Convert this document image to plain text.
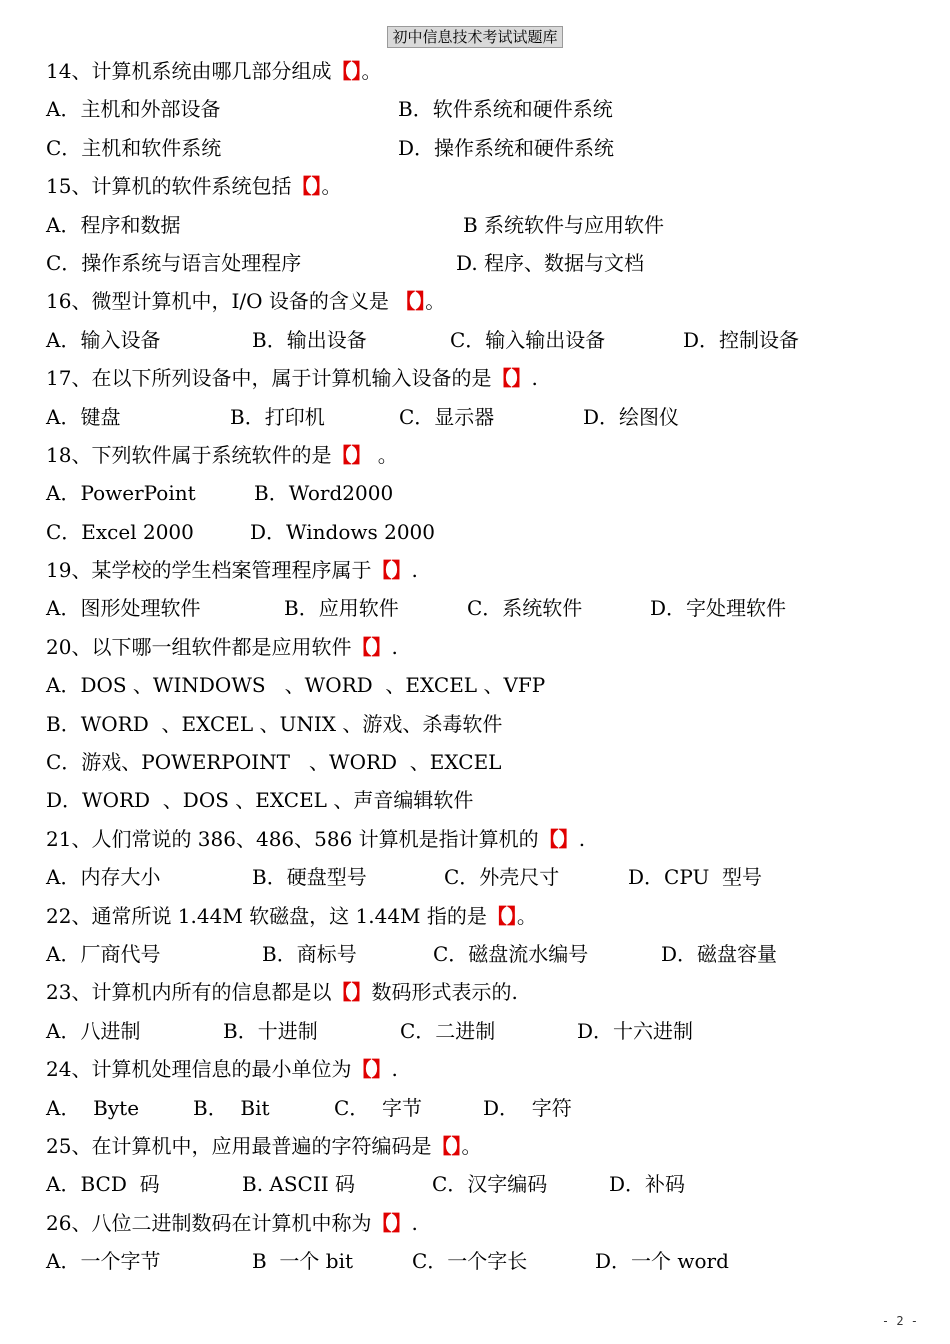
初中信息技术考试试题库
14、计算机系统由哪几部分组成【】。
A．主机和外部设备	B．软件系统和硬件系统
C．主机和软件系统	D．操作系统和硬件系统
15、计算机的软件系统包括【】。
A．程序和数据	B 系统软件与应用软件
C．操作系统与语言处理程序	D. 程序、数据与文档
16、微型计算机中，I/O 设备的含义是 【】。
A．输入设备	B．输出设备	C．输入输出设备	D．控制设备
17、在以下所列设备中，属于计算机输入设备的是【】.
A．键盘	B．打印机	C．显示器	D．绘图仪
18、下列软件属于系统软件的是【】 。
A．PowerPoint	B．Word2000
C．Excel 2000	D．Windows 2000
19、某学校的学生档案管理程序属于【】.
A．图形处理软件	B．应用软件	C．系统软件	D．字处理软件
20、以下哪一组软件都是应用软件【】.
A．DOS 、WINDOWS   、WORD  、EXCEL 、VFP
B．WORD  、EXCEL 、UNIX 、游戏、杀毒软件
C．游戏、POWERPOINT   、WORD  、EXCEL
D．WORD  、DOS 、EXCEL 、声音编辑软件
21、人们常说的 386、486、586 计算机是指计算机的【】.
A．内存大小	B．硬盘型号	C．外壳尺寸	D．CPU  型号
22、通常所说 1.44M 软磁盘，这 1.44M 指的是【】。
A．厂商代号	B．商标号	C．磁盘流水编号	D．磁盘容量
23、计算机内所有的信息都是以【】数码形式表示的.
A．八进制	B．十进制	C．二进制	D．十六进制
24、计算机处理信息的最小单位为【】.
A．  Byte	B．  Bit	C．  字节	D．  字符
25、在计算机中，应用最普遍的字符编码是【】。
A．BCD  码	B. ASCII 码	C．汉字编码	D．补码
26、八位二进制数码在计算机中称为【】.
A．一个字节	B  一个 bit	C．一个字长	D．一个 word
- 2 -
